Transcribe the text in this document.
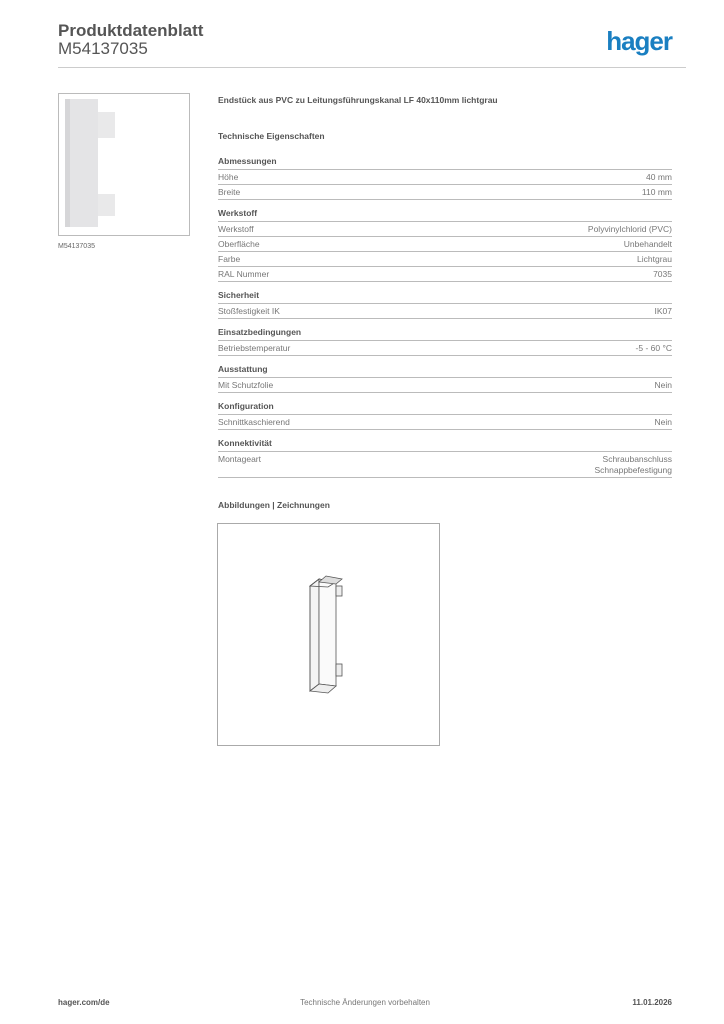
Produktdatenblatt
M54137035	hager
M54137035
Endstück aus PVC zu Leitungsführungskanal LF 40x110mm lichtgrau
Technische Eigenschaften
Abmessungen
Höhe	40 mm
Breite	110 mm
Werkstoff
Werkstoff	Polyvinylchlorid (PVC)
Oberfläche	Unbehandelt
Farbe	Lichtgrau
RAL Nummer	7035
Sicherheit
Stoßfestigkeit IK	IK07
Einsatzbedingungen
Betriebstemperatur	-5 - 60 °C
Ausstattung
Mit Schutzfolie	Nein
Konfiguration
Schnittkaschierend	Nein
Konnektivität
Montageart	Schraubanschluss
Schnappbefestigung
Abbildungen | Zeichnungen
hager.com/de	Technische Änderungen vorbehalten	11.01.2026
